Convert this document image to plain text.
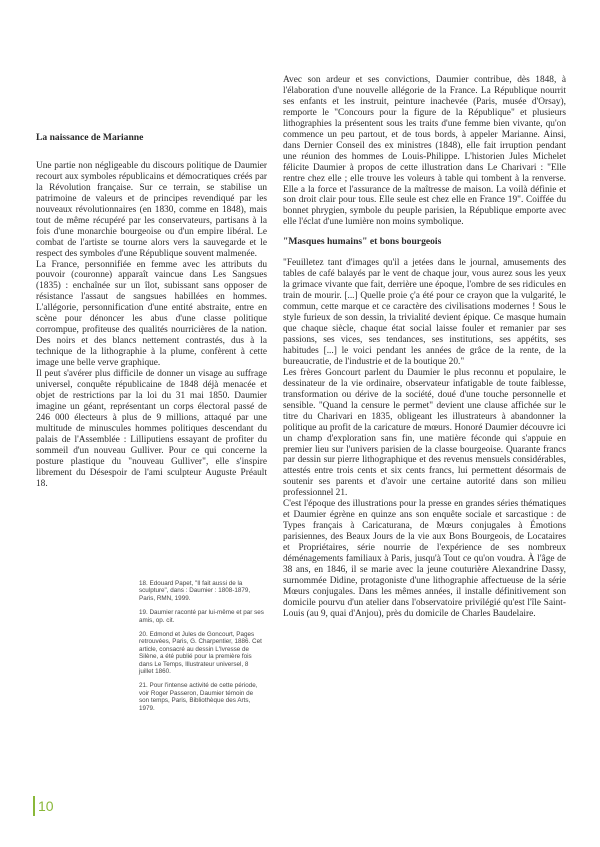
La naissance de Marianne

Une partie non négligeable du discours politique de Daumier recourt aux symboles républicains et démocratiques créés par la Révolution française. Sur ce terrain, se stabilise un patrimoine de valeurs et de principes revendiqué par les nouveaux révolutionnaires (en 1830, comme en 1848), mais tout de même récupéré par les conservateurs, partisans à la fois d'une monarchie bourgeoise ou d'un empire libéral. Le combat de l'artiste se tourne alors vers la sauvegarde et le respect des symboles d'une République souvent malmenée.

La France, personnifiée en femme avec les attributs du pouvoir (couronne) apparaît vaincue dans Les Sangsues (1835) : enchaînée sur un îlot, subissant sans opposer de résistance l'assaut de sangsues habillées en hommes. L'allégorie, personnification d'une entité abstraite, entre en scène pour dénoncer les abus d'une classe politique corrompue, profiteuse des qualités nourricières de la nation. Des noirs et des blancs nettement contrastés, dus à la technique de la lithographie à la plume, confèrent à cette image une belle verve graphique.

Il peut s'avérer plus difficile de donner un visage au suffrage universel, conquête républicaine de 1848 déjà menacée et objet de restrictions par la loi du 31 mai 1850. Daumier imagine un géant, représentant un corps électoral passé de 246 000 électeurs à plus de 9 millions, attaqué par une multitude de minuscules hommes politiques descendant du palais de l'Assemblée : Lilliputiens essayant de profiter du sommeil d'un nouveau Gulliver. Pour ce qui concerne la posture plastique du "nouveau Gulliver", elle s'inspire librement du Désespoir de l'ami sculpteur Auguste Préault 18.

18. Edouard Papet, "Il fait aussi de la sculpture", dans : Daumier : 1808-1879, Paris, RMN, 1999.
19. Daumier raconté par lui-même et par ses amis, op. cit.
20. Edmond et Jules de Goncourt, Pages retrouvées, Paris, G. Charpentier, 1886. Cet article, consacré au dessin L'Ivresse de Silène, a été publié pour la première fois dans Le Temps, Illustrateur universel, 8 juillet 1860.
21. Pour l'intense activité de cette période, voir Roger Passeron, Daumier témoin de son temps, Paris, Bibliothèque des Arts, 1979.

Avec son ardeur et ses convictions, Daumier contribue, dès 1848, à l'élaboration d'une nouvelle allégorie de la France. La République nourrit ses enfants et les instruit, peinture inachevée (Paris, musée d'Orsay), remporte le "Concours pour la figure de la République" et plusieurs lithographies la présentent sous les traits d'une femme bien vivante, qu'on commence un peu partout, et de tous bords, à appeler Marianne. Ainsi, dans Dernier Conseil des ex ministres (1848), elle fait irruption pendant une réunion des hommes de Louis-Philippe. L'historien Jules Michelet félicite Daumier à propos de cette illustration dans Le Charivari : "Elle rentre chez elle ; elle trouve les voleurs à table qui tombent à la renverse. Elle a la force et l'assurance de la maîtresse de maison. La voilà définie et son droit clair pour tous. Elle seule est chez elle en France 19". Coiffée du bonnet phrygien, symbole du peuple parisien, la République emporte avec elle l'éclat d'une lumière non moins symbolique.

"Masques humains" et bons bourgeois

"Feuilletez tant d'images qu'il a jetées dans le journal, amusements des tables de café balayés par le vent de chaque jour, vous aurez sous les yeux la grimace vivante que fait, derrière une époque, l'ombre de ses ridicules en train de mourir. [...] Quelle proie ç'a été pour ce crayon que la vulgarité, le commun, cette marque et ce caractère des civilisations modernes ! Sous le style furieux de son dessin, la trivialité devient épique. Ce masque humain que chaque siècle, chaque état social laisse fouler et remanier par ses passions, ses vices, ses tendances, ses institutions, ses appétits, ses habitudes [...] le voici pendant les années de grâce de la rente, de la bureaucratie, de l'industrie et de la boutique 20."

Les frères Goncourt parlent du Daumier le plus reconnu et populaire, le dessinateur de la vie ordinaire, observateur infatigable de toute faiblesse, transformation ou dérive de la société, doué d'une touche personnelle et sensible. "Quand la censure le permet" devient une clause affichée sur le titre du Charivari en 1835, obligeant les illustrateurs à abandonner la politique au profit de la caricature de mœurs. Honoré Daumier découvre ici un champ d'exploration sans fin, une matière féconde qui s'appuie en premier lieu sur l'univers parisien de la classe bourgeoise. Quarante francs par dessin sur pierre lithographique et des revenus mensuels considérables, attestés entre trois cents et six cents francs, lui permettent désormais de soutenir ses parents et d'avoir une certaine autorité dans son milieu professionnel 21.

C'est l'époque des illustrations pour la presse en grandes séries thématiques et Daumier égrène en quinze ans son enquête sociale et sarcastique : de Types français à Caricaturana, de Mœurs conjugales à Émotions parisiennes, des Beaux Jours de la vie aux Bons Bourgeois, de Locataires et Propriétaires, série nourrie de l'expérience de ses nombreux déménagements familiaux à Paris, jusqu'à Tout ce qu'on voudra. À l'âge de 38 ans, en 1846, il se marie avec la jeune couturière Alexandrine Dassy, surnommée Didine, protagoniste d'une lithographie affectueuse de la série Mœurs conjugales. Dans les mêmes années, il installe définitivement son domicile pourvu d'un atelier dans l'observatoire privilégié qu'est l'île Saint-Louis (au 9, quai d'Anjou), près du domicile de Charles Baudelaire.

10
